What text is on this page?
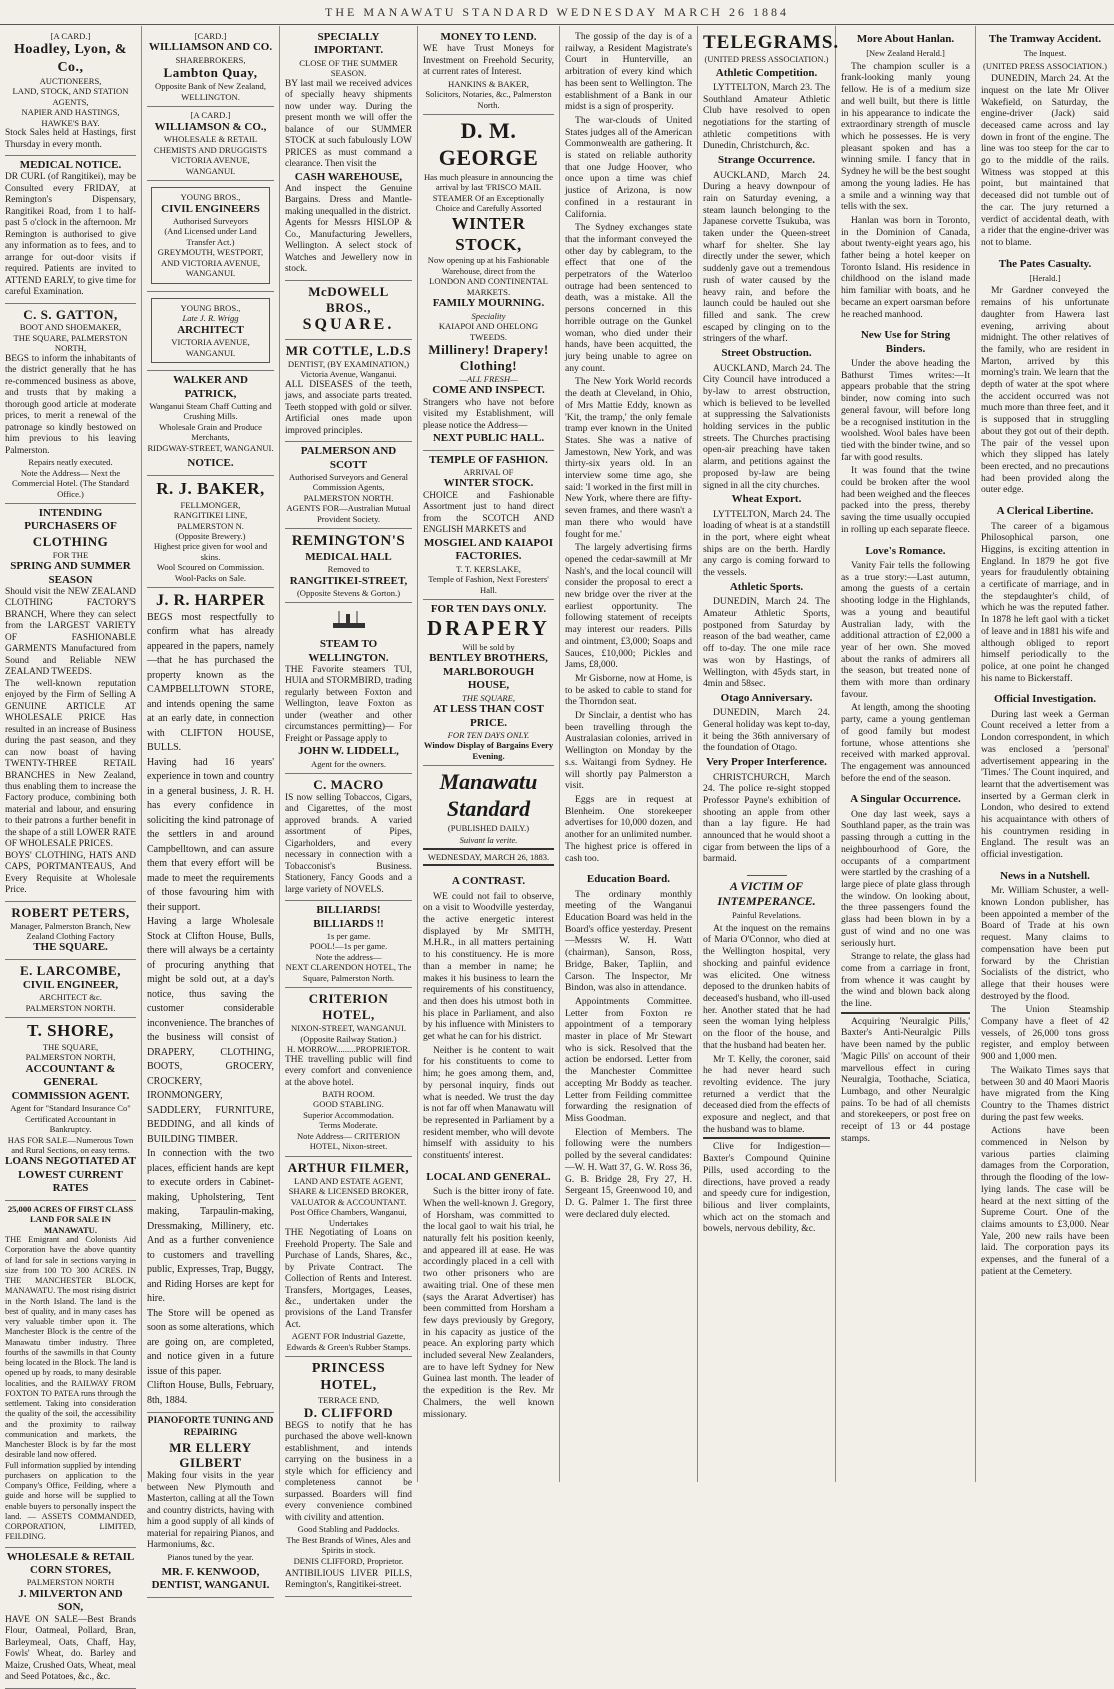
THE MANAWATU STANDARD WEDNESDAY MARCH 26 1884
[A CARD.]
Hoadley, Lyon, & Co.,
AUCTIONEERS,
LAND, STOCK, AND STATION AGENTS,
NAPIER AND HASTINGS,
HAWKE'S BAY.
Stock Sales held at Hastings, first Thursday in every month.
MEDICAL NOTICE.
DR CURL (of Rangitikei), may be Consulted every FRIDAY, at Remington's Dispensary, Rangitikei Road, from 1 to half-past 5 o'clock in the afternoon. Mr Remington is authorised to give any information as to fees, and to arrange for out-door visits if required. Patients are invited to ATTEND EARLY, to give time for careful Examination.
C. S. GATTON,
BOOT AND SHOEMAKER,
THE SQUARE, PALMERSTON NORTH,
BEGS to inform the inhabitants of the district generally that he has re-commenced business as above, and trusts that by making a thorough good article at moderate prices, to merit a renewal of the patronage so kindly bestowed on him previous to his leaving Palmerston.
Repairs neatly executed.
Note the Address— Next the Commercial Hotel. (The Standard Office.)
INTENDING PURCHASERS OF
CLOTHING
FOR THE
SPRING AND SUMMER SEASON
Should visit the NEW ZEALAND CLOTHING FACTORY'S BRANCH, Where they can select from the LARGEST VARIETY OF FASHIONABLE GARMENTS Manufactured from Sound and Reliable NEW ZEALAND TWEEDS.
The well-known reputation enjoyed by the Firm of Selling A GENUINE ARTICLE AT WHOLESALE PRICE Has resulted in an increase of Business during the past season, and they can now boast of having TWENTY-THREE RETAIL BRANCHES in New Zealand, thus enabling them to increase the Factory produce, combining both material and labour, and ensuring to their patrons a further benefit in the shape of a still LOWER RATE OF WHOLESALE PRICES.
BOYS' CLOTHING, HATS AND CAPS, PORTMANTEAUS, And Every Requisite at Wholesale Price.
ROBERT PETERS,
Manager, Palmerston Branch, New Zealand Clothing Factory
THE SQUARE.
E. LARCOMBE,
CIVIL ENGINEER,
ARCHITECT &c.
PALMERSTON NORTH.
T. SHORE,
THE SQUARE,
PALMERSTON NORTH,
ACCOUNTANT & GENERAL COMMISSION AGENT.
Agent for "Standard Insurance Co"
Certificated Accountant in Bankruptcy.
HAS FOR SALE—Numerous Town and Rural Sections, on easy terms.
LOANS NEGOTIATED AT LOWEST CURRENT RATES
25,000 ACRES OF FIRST CLASS LAND FOR SALE IN MANAWATU.
THE Emigrant and Colonists Aid Corporation have the above quantity of land for sale in sections varying in size from 100 TO 300 ACRES. IN THE MANCHESTER BLOCK, MANAWATU. The most rising district in the North Island. The land is the best of quality, and in many cases has very valuable timber upon it. The Manchester Block is the centre of the Manawatu timber industry. Three fourths of the sawmills in that County being located in the Block. The land is opened up by roads, to many desirable localities, and the RAILWAY FROM FOXTON TO PATEA runs through the settlement. Taking into consideration the quality of the soil, the accessibility and the proximity to railway communication and markets, the Manchester Block is by far the most desirable land now offered.
Full information supplied by intending purchasers on application to the Company's Office, Feilding, where a guide and horse will be supplied to enable buyers to personally inspect the land. — ASSETS COMMANDED, CORPORATION, LIMITED, FEILDING.
WHOLESALE & RETAIL CORN STORES,
PALMERSTON NORTH
J. MILVERTON AND SON,
HAVE ON SALE—Best Brands Flour, Oatmeal, Pollard, Bran, Barleymeal, Oats, Chaff, Hay, Fowls' Wheat, do. Barley and Maize, Crushed Oats, Wheat, meal and Seed Potatoes, &c., &c.
[CARD.]
WILLIAMSON AND CO.
SHAREBROKERS,
Lambton Quay,
Opposite Bank of New Zealand, WELLINGTON.
[A CARD.]
WILLIAMSON & CO.,
WHOLESALE & RETAIL
CHEMISTS AND DRUGGISTS
VICTORIA AVENUE,
WANGANUI.
YOUNG BROS.,
CIVIL ENGINEERS
Authorised Surveyors
(And Licensed under Land Transfer Act.)
GREYMOUTH, WESTPORT, AND VICTORIA AVENUE,
WANGANUI.
YOUNG BROS.,
Late J. R. Wrigg
ARCHITECT
VICTORIA AVENUE, WANGANUI.
WALKER AND PATRICK,
Wanganui Steam Chaff Cutting and Crushing Mills.
Wholesale Grain and Produce Merchants,
RIDGWAY-STREET, WANGANUI.
NOTICE.
R. J. BAKER,
FELLMONGER,
RANGITIKEI LINE, PALMERSTON N.
(Opposite Brewery.)
Highest price given for wool and skins.
Wool Scoured on Commission.
Wool-Packs on Sale.
J. R. HARPER
BEGS most respectfully to confirm what has already appeared in the papers, namely—that he has purchased the property known as the CAMPBELLTOWN STORE, and intends opening the same at an early date, in connection with CLIFTON HOUSE, BULLS.
Having had 16 years' experience in town and country in a general business, J. R. H. has every confidence in soliciting the kind patronage of the settlers in and around Campbelltown, and can assure them that every effort will be made to meet the requirements of those favouring him with their support.
Having a large Wholesale Stock at Clifton House, Bulls, there will always be a certainty of procuring anything that might be sold out, at a day's notice, thus saving the customer considerable inconvenience. The branches of the business will consist of DRAPERY, CLOTHING, BOOTS, GROCERY, CROCKERY, IRONMONGERY, SADDLERY, FURNITURE, BEDDING, and all kinds of BUILDING TIMBER.
In connection with the two places, efficient hands are kept to execute orders in Cabinet-making, Upholstering, Tent making, Tarpaulin-making, Dressmaking, Millinery, etc. And as a further convenience to customers and travelling public, Expresses, Trap, Buggy, and Riding Horses are kept for hire.
The Store will be opened as soon as some alterations, which are going on, are completed, and notice given in a future issue of this paper.
Clifton House, Bulls, February, 8th, 1884.
PIANOFORTE TUNING AND REPAIRING
MR ELLERY GILBERT
Making four visits in the year between New Plymouth and Masterton, calling at all the Town and country districts, having with him a good supply of all kinds of material for repairing Pianos, and Harmoniums, &c.
Pianos tuned by the year.
MR. F. KENWOOD, DENTIST, WANGANUI.
SPECIALLY IMPORTANT.
CLOSE OF THE SUMMER SEASON.
BY last mail we received advices of specially heavy shipments now under way. During the present month we will offer the balance of our SUMMER STOCK at such fabulously LOW PRICES as must command a clearance. Then visit the
CASH WAREHOUSE,
And inspect the Genuine Bargains. Dress and Mantle-making unequalled in the district.
Agents for Messrs HISLOP & Co., Manufacturing Jewellers, Wellington. A select stock of Watches and Jewellery now in stock.
McDOWELL BROS.,
SQUARE.
MR COTTLE, L.D.S
DENTIST, (BY EXAMINATION,)
Victoria Avenue, Wanganui.
ALL DISEASES of the teeth, jaws, and associate parts treated. Teeth stopped with gold or silver. Artificial ones made upon improved principles.
PALMERSON AND SCOTT
Authorised Surveyors and General Commission Agents, PALMERSTON NORTH.
AGENTS FOR—Australian Mutual Provident Society.
REMINGTON'S
MEDICAL HALL
Removed to
RANGITIKEI-STREET,
(Opposite Stevens & Gorton.)
STEAM TO WELLINGTON.
THE Favorite steamers TUI, HUIA and STORMBIRD, trading regularly between Foxton and Wellington, leave Foxton as under (weather and other circumstances permitting)— For Freight or Passage apply to
JOHN W. LIDDELL,
Agent for the owners.
C. MACRO
IS now selling Tobaccos, Cigars, and Cigarettes, of the most approved brands. A varied assortment of Pipes, Cigarholders, and every necessary in connection with a Tobacconist's Business. Stationery, Fancy Goods and a large variety of NOVELS.
BILLIARDS! BILLIARDS !!
1s per game.
POOL!—1s per game.
Note the address—
NEXT CLARENDON HOTEL, The Square, Palmerston North.
CRITERION HOTEL,
NIXON-STREET, WANGANUI.
(Opposite Railway Station.)
H. MORROW.........PROPRIETOR.
THE travelling public will find every comfort and convenience at the above hotel.
BATH ROOM.
GOOD STABLING.
Superior Accommodation.
Terms Moderate.
Note Address— CRITERION HOTEL, Nixon-street.
ARTHUR FILMER,
LAND AND ESTATE AGENT, SHARE & LICENSED BROKER, VALUATOR & ACCOUNTANT.
Post Office Chambers, Wanganui, Undertakes
THE Negotiating of Loans on Freehold Property. The Sale and Purchase of Lands, Shares, &c., by Private Contract. The Collection of Rents and Interest. Transfers, Mortgages, Leases, &c., undertaken under the provisions of the Land Transfer Act.
AGENT FOR Industrial Gazette, Edwards & Green's Rubber Stamps.
PRINCESS HOTEL,
TERRACE END,
D. CLIFFORD
BEGS to notify that he has purchased the above well-known establishment, and intends carrying on the business in a style which for efficiency and completeness cannot be surpassed. Boarders will find every convenience combined with civility and attention.
Good Stabling and Paddocks.
The Best Brands of Wines, Ales and Spirits in stock.
DENIS CLIFFORD, Proprietor.
ANTIBILIOUS LIVER PILLS, Remington's, Rangitikei-street.
MONEY TO LEND.
WE have Trust Moneys for Investment on Freehold Security, at current rates of Interest.
HANKINS & BAKER,
Solicitors, Notaries, &c., Palmerston North.
D. M. GEORGE
Has much pleasure in announcing the arrival by last 'FRISCO MAIL STEAMER Of an Exceptionally Choice and Carefully Assorted
WINTER STOCK,
Now opening up at his Fashionable Warehouse, direct from the LONDON AND CONTINENTAL MARKETS.
FAMILY MOURNING.
Speciality
KAIAPOI AND OHELONG TWEEDS.
Millinery! Drapery! Clothing!
—ALL FRESH—
COME AND INSPECT.
Strangers who have not before visited my Establishment, will please notice the Address—
NEXT PUBLIC HALL.
TEMPLE OF FASHION.
ARRIVAL OF
WINTER STOCK.
CHOICE and Fashionable Assortment just to hand direct from the SCOTCH AND ENGLISH MARKETS and
MOSGIEL AND KAIAPOI FACTORIES.
T. T. KERSLAKE,
Temple of Fashion, Next Foresters' Hall.
FOR TEN DAYS ONLY.
DRAPERY
Will be sold by
BENTLEY BROTHERS,
MARLBOROUGH HOUSE,
THE SQUARE,
AT LESS THAN COST PRICE.
FOR TEN DAYS ONLY.
Window Display of Bargains Every Evening.
Manawatu Standard
(PUBLISHED DAILY.)
Suivant la verite.
WEDNESDAY, MARCH 26, 1883.
A CONTRAST.
WE could not fail to observe, on a visit to Woodville yesterday, the active energetic interest displayed by Mr SMITH, M.H.R., in all matters pertaining to his constituency. He is more than a member in name; he makes it his business to learn the requirements of his constituency, and then does his utmost both in his place in Parliament, and also by his influence with Ministers to get what he can for his district.
Neither is he content to wait for his constituents to come to him; he goes among them, and, by personal inquiry, finds out what is needed. We trust the day is not far off when Manawatu will be represented in Parliament by a resident member, who will devote himself with assiduity to his constituents' interest.
LOCAL AND GENERAL.
Such is the bitter irony of fate. When the well-known J. Gregory, of Horsham, was committed to the local gaol to wait his trial, he naturally felt his position keenly, and appeared ill at ease. He was accordingly placed in a cell with two other prisoners who are awaiting trial. One of these men (says the Ararat Advertiser) has been committed from Horsham a few days previously by Gregory, in his capacity as justice of the peace. An exploring party which included several New Zealanders, are to have left Sydney for New Guinea last month. The leader of the expedition is the Rev. Mr Chalmers, the well known missionary.
The gossip of the day is of a railway, a Resident Magistrate's Court in Hunterville, an arbitration of every kind which has been sent to Wellington. The establishment of a Bank in our midst is a sign of prosperity.
The war-clouds of United States judges all of the American Commonwealth are gathering. It is stated on reliable authority that one Judge Hoover, who once upon a time was chief justice of Arizona, is now confined in a restaurant in California.
The Sydney exchanges state that the informant conveyed the other day by cablegram, to the effect that one of the perpetrators of the Waterloo outrage had been sentenced to death, was a mistake. All the persons concerned in this horrible outrage on the Gunkel woman, who died under their hands, have been acquitted, the jury being unable to agree on any count.
The New York World records the death at Cleveland, in Ohio, of Mrs Mattie Eddy, known as 'Kit, the tramp,' the only female tramp ever known in the United States. She was a native of Jamestown, New York, and was thirty-six years old. In an interview some time ago, she said: 'I worked in the first mill in New York, where there are fifty-seven frames, and there wasn't a man there who would have fought for me.'
The largely advertising firms opened the cedar-sawmill at Mr Nash's, and the local council will consider the proposal to erect a new bridge over the river at the earliest opportunity. The following statement of receipts may interest our readers. Pills and ointment, £3,000; Soaps and Sauces, £10,000; Pickles and Jams, £8,000.
Mr Gisborne, now at Home, is to be asked to cable to stand for the Thorndon seat.
Dr Sinclair, a dentist who has been travelling through the Australasian colonies, arrived in Wellington on Monday by the s.s. Waitangi from Sydney. He will shortly pay Palmerston a visit.
Eggs are in request at Blenheim. One storekeeper advertises for 10,000 dozen, and another for an unlimited number. The highest price is offered in cash too.
Education Board.
The ordinary monthly meeting of the Wanganui Education Board was held in the Board's office yesterday. Present—Messrs W. H. Watt (chairman), Sanson, Ross, Bridge, Baker, Tapliin, and Carson. The Inspector, Mr Bindon, was also in attendance.
Appointments Committee. Letter from Foxton re appointment of a temporary master in place of Mr Stewart who is sick. Resolved that the action be endorsed. Letter from the Manchester Committee accepting Mr Boddy as teacher. Letter from Feilding committee forwarding the resignation of Miss Goodman.
Election of Members. The following were the numbers polled by the several candidates:—W. H. Watt 37, G. W. Ross 36, G. B. Bridge 28, Fry 27, H. Sergeant 15, Greenwood 10, and D. G. Palmer 1. The first three were declared duly elected.
TELEGRAMS.
(UNITED PRESS ASSOCIATION.)
Athletic Competition.
LYTTELTON, March 23. The Southland Amateur Athletic Club have resolved to open negotiations for the starting of athletic competitions with Dunedin, Christchurch, &c.
Strange Occurrence.
AUCKLAND, March 24. During a heavy downpour of rain on Saturday evening, a steam launch belonging to the Japanese corvette Tsukuba, was taken under the Queen-street wharf for shelter. She lay directly under the sewer, which suddenly gave out a tremendous rush of water caused by the heavy rain, and before the launch could be hauled out she filled and sank. The crew escaped by clinging on to the stringers of the wharf.
Street Obstruction.
AUCKLAND, March 24. The City Council have introduced a by-law to arrest obstruction, which is believed to be levelled at suppressing the Salvationists holding services in the public streets. The Churches practising open-air preaching have taken alarm, and petitions against the proposed by-law are being signed in all the city churches.
Wheat Export.
LYTTELTON, March 24. The loading of wheat is at a standstill in the port, where eight wheat ships are on the berth. Hardly any cargo is coming forward to the vessels.
Athletic Sports.
DUNEDIN, March 24. The Amateur Athletic Sports, postponed from Saturday by reason of the bad weather, came off to-day. The one mile race was won by Hastings, of Wellington, with 45yds start, in 4min and 58sec.
Otago Anniversary.
DUNEDIN, March 24. General holiday was kept to-day, it being the 36th anniversary of the foundation of Otago.
Very Proper Interference.
CHRISTCHURCH, March 24. The police re-sight stopped Professor Payne's exhibition of shooting an apple from other than a lay figure. He had announced that he would shoot a cigar from between the lips of a barmaid.
A VICTIM OF INTEMPERANCE.
Painful Revelations.
At the inquest on the remains of Maria O'Connor, who died at the Wellington hospital, very shocking and painful evidence was elicited. One witness deposed to the drunken habits of deceased's husband, who ill-used her. Another stated that he had seen the woman lying helpless on the floor of the house, and that the husband had beaten her.
Mr T. Kelly, the coroner, said he had never heard such revolting evidence. The jury returned a verdict that the deceased died from the effects of exposure and neglect, and that the husband was to blame.
Clive for Indigestion—Baxter's Compound Quinine Pills, used according to the directions, have proved a ready and speedy cure for indigestion, bilious and liver complaints, which act on the stomach and bowels, nervous debility, &c.
More About Hanlan.
[New Zealand Herald.]
The champion sculler is a frank-looking manly young fellow. He is of a medium size and well built, but there is little in his appearance to indicate the extraordinary strength of muscle which he possesses. He is very pleasant spoken and has a winning smile. I fancy that in Sydney he will be the best sought among the young ladies. He has a smile and a winning way that tells with the sex.
Hanlan was born in Toronto, in the Dominion of Canada, about twenty-eight years ago, his father being a hotel keeper on Toronto Island. His residence in childhood on the island made him familiar with boats, and he became an expert oarsman before he reached manhood.
New Use for String Binders.
Under the above heading the Bathurst Times writes:—It appears probable that the string binder, now coming into such general favour, will before long be a recognised institution in the woolshed. Wool bales have been tied with the binder twine, and so far with good results.
It was found that the twine could be broken after the wool had been weighed and the fleeces packed into the press, thereby saving the time usually occupied in rolling up each separate fleece.
Love's Romance.
Vanity Fair tells the following as a true story:—Last autumn, among the guests of a certain shooting lodge in the Highlands, was a young and beautiful Australian lady, with the additional attraction of £2,000 a year of her own. She moved about the ranks of admirers all the season, but treated none of them with more than ordinary favour.
At length, among the shooting party, came a young gentleman of good family but modest fortune, whose attentions she received with marked approval. The engagement was announced before the end of the season.
A Singular Occurrence.
One day last week, says a Southland paper, as the train was passing through a cutting in the neighbourhood of Gore, the occupants of a compartment were startled by the crashing of a large piece of plate glass through the window. On looking about, the three passengers found the glass had been blown in by a gust of wind and no one was seriously hurt.
Strange to relate, the glass had come from a carriage in front, from whence it was caught by the wind and blown back along the line.
Acquiring 'Neuralgic Pills,' Baxter's Anti-Neuralgic Pills have been named by the public 'Magic Pills' on account of their marvellous effect in curing Neuralgia, Toothache, Sciatica, Lumbago, and other Neuralgic pains. To be had of all chemists and storekeepers, or post free on receipt of 13 or 44 postage stamps.
The Tramway Accident.
The Inquest.
(UNITED PRESS ASSOCIATION.)
DUNEDIN, March 24. At the inquest on the late Mr Oliver Wakefield, on Saturday, the engine-driver (Jack) said deceased came across and lay down in front of the engine. The line was too steep for the car to go to the middle of the rails. Witness was stopped at this point, but maintained that deceased did not tumble out of the car. The jury returned a verdict of accidental death, with a rider that the engine-driver was not to blame.
The Pates Casualty.
[Herald.]
Mr Gardner conveyed the remains of his unfortunate daughter from Hawera last evening, arriving about midnight. The other relatives of the family, who are resident in Marton, arrived by this morning's train. We learn that the depth of water at the spot where the accident occurred was not much more than three feet, and it is supposed that in struggling about they got out of their depth. The pair of the vessel upon which they slipped has lately been erected, and no precautions had been provided along the outer edge.
A Clerical Libertine.
The career of a bigamous Philosophical parson, one Higgins, is exciting attention in England. In 1879 he got five years for fraudulently obtaining a certificate of marriage, and in the stepdaughter's child, of which he was the reputed father. In 1878 he left gaol with a ticket of leave and in 1881 his wife and although obliged to report himself periodically to the police, at one point he changed his name to Bickerstaff.
Official Investigation.
During last week a German Count received a letter from a London correspondent, in which was enclosed a 'personal' advertisement appearing in the 'Times.' The Count inquired, and learnt that the advertisement was inserted by a German clerk in London, who desired to extend his acquaintance with others of his countrymen residing in England. The result was an official investigation.
News in a Nutshell.
Mr. William Schuster, a well-known London publisher, has been appointed a member of the Board of Trade at his own request. Many claims to compensation have been put forward by the Christian Socialists of the district, who allege that their houses were destroyed by the flood.
The Union Steamship Company have a fleet of 42 vessels, of 26,000 tons gross register, and employ between 900 and 1,000 men.
The Waikato Times says that between 30 and 40 Maori Maoris have migrated from the King Country to the Thames district during the past few weeks.
Actions have been commenced in Nelson by various parties claiming damages from the Corporation, through the flooding of the low-lying lands. The case will be heard at the next sitting of the Supreme Court. One of the claims amounts to £3,000. Near Yale, 200 new rails have been laid. The corporation pays its expenses, and the funeral of a patient at the Cemetery.
